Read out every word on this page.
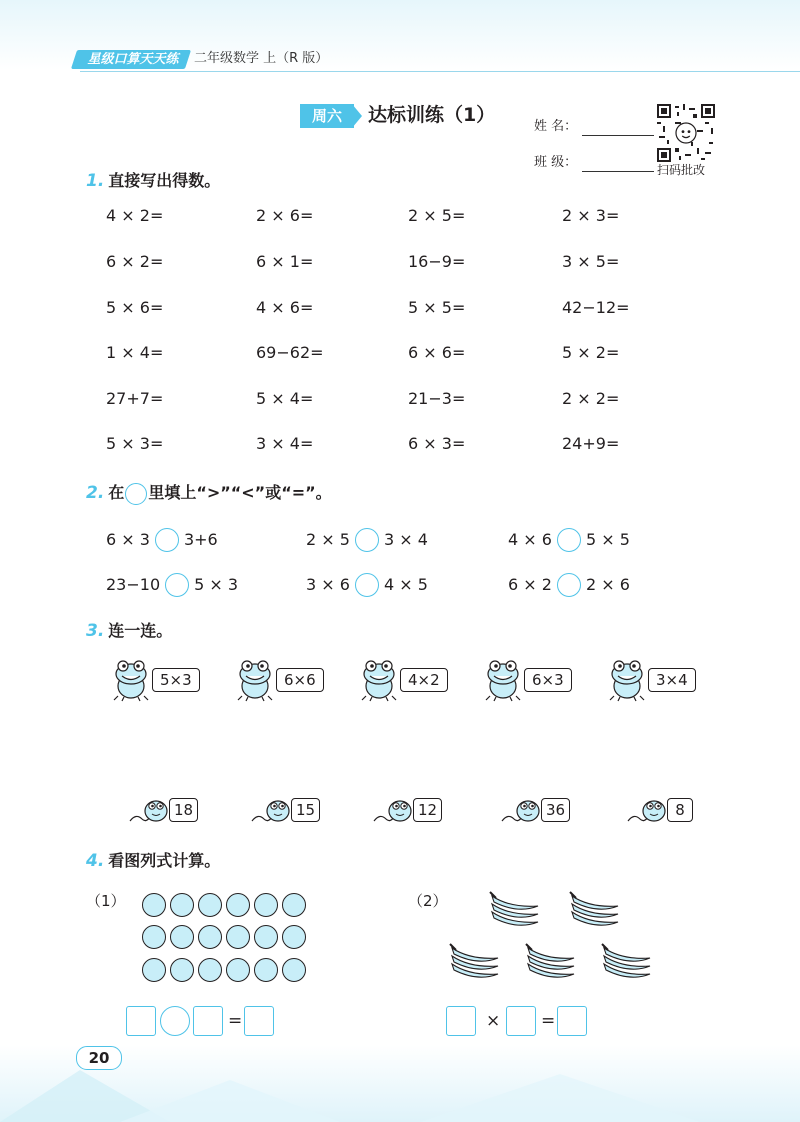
星级口算天天练	二年级数学 上（R 版）
周六	达标训练（1）
姓 名：
班 级：	扫码批改
1. 直接写出得数。
4 × 2=	2 × 6=	2 × 5=	2 × 3=
6 × 2=	6 × 1=	16−9=	3 × 5=
5 × 6=	4 × 6=	5 × 5=	42−12=
1 × 4=	69−62=	6 × 6=	5 × 2=
27+7=	5 × 4=	21−3=	2 × 2=
5 × 3=	3 × 4=	6 × 3=	24+9=
2. 在 里填上“>”“<”或“=”。
6 × 3 3+6	2 × 5 3 × 4	4 × 6 5 × 5
23−10 5 × 3	3 × 6 4 × 5	6 × 2 2 × 6
3. 连一连。
5×3	6×6	4×2	6×3	3×4
18	15	12	36	8
4. 看图列式计算。
（1）	（2）
=	× =
20
